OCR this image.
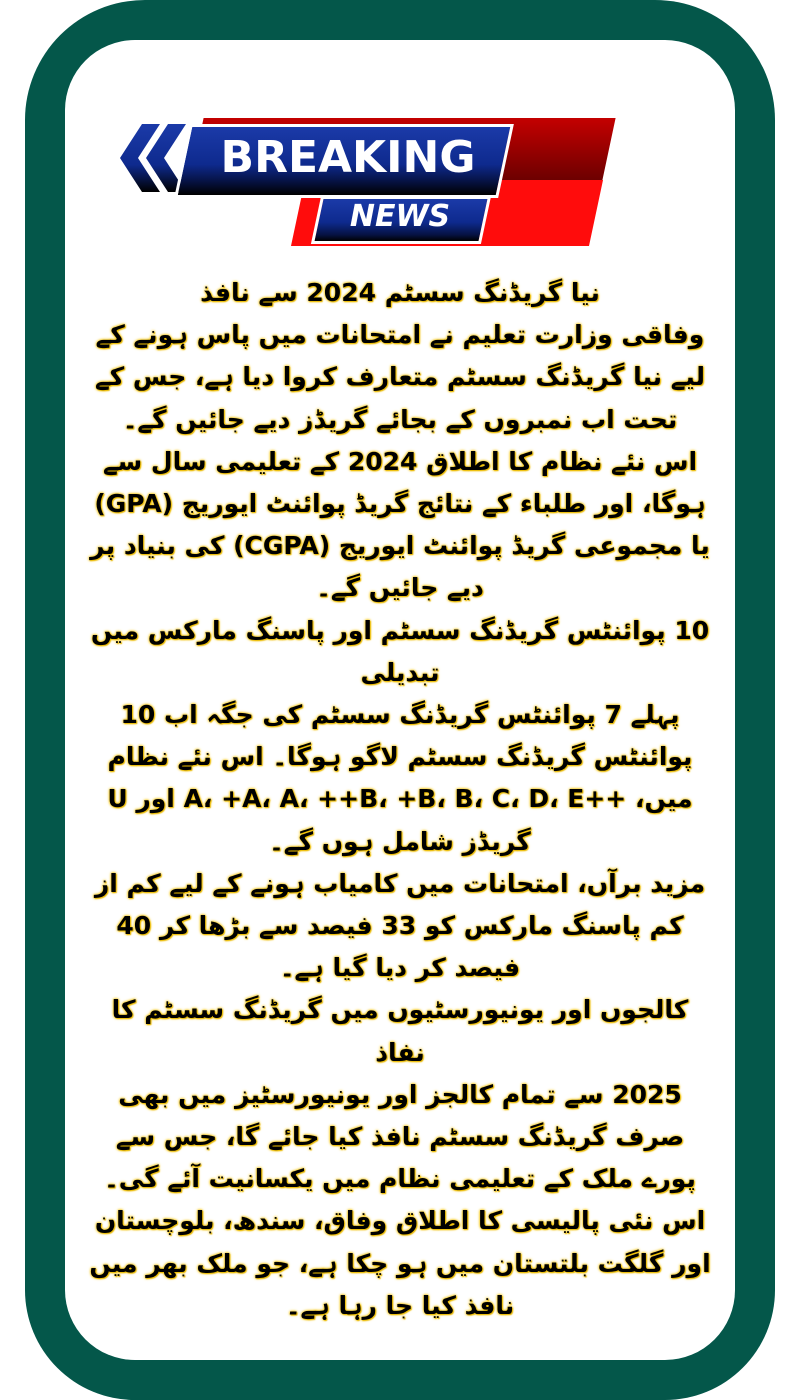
BREAKING
NEWS

نیا گریڈنگ سسٹم 2024 سے نافذ

وفاقی وزارت تعلیم نے امتحانات میں پاس ہونے کے لیے نیا گریڈنگ سسٹم متعارف کروا دیا ہے، جس کے تحت اب نمبروں کے بجائے گریڈز دیے جائیں گے۔

اس نئے نظام کا اطلاق 2024 کے تعلیمی سال سے ہوگا، اور طلباء کے نتائج گریڈ پوائنٹ ایوریج (GPA) یا مجموعی گریڈ پوائنٹ ایوریج (CGPA) کی بنیاد پر دیے جائیں گے۔

10 پوائنٹس گریڈنگ سسٹم اور پاسنگ مارکس میں تبدیلی

پہلے 7 پوائنٹس گریڈنگ سسٹم کی جگہ اب 10 پوائنٹس گریڈنگ سسٹم لاگو ہوگا۔ اس نئے نظام میں، ++A، +A، A، ++B، +B، B، C، D، E اور U گریڈز شامل ہوں گے۔

مزید برآں، امتحانات میں کامیاب ہونے کے لیے کم از کم پاسنگ مارکس کو 33 فیصد سے بڑھا کر 40 فیصد کر دیا گیا ہے۔

کالجوں اور یونیورسٹیوں میں گریڈنگ سسٹم کا نفاذ

2025 سے تمام کالجز اور یونیورسٹیز میں بھی صرف گریڈنگ سسٹم نافذ کیا جائے گا، جس سے پورے ملک کے تعلیمی نظام میں یکسانیت آئے گی۔ اس نئی پالیسی کا اطلاق وفاق، سندھ، بلوچستان اور گلگت بلتستان میں ہو چکا ہے، جو ملک بھر میں نافذ کیا جا رہا ہے۔
